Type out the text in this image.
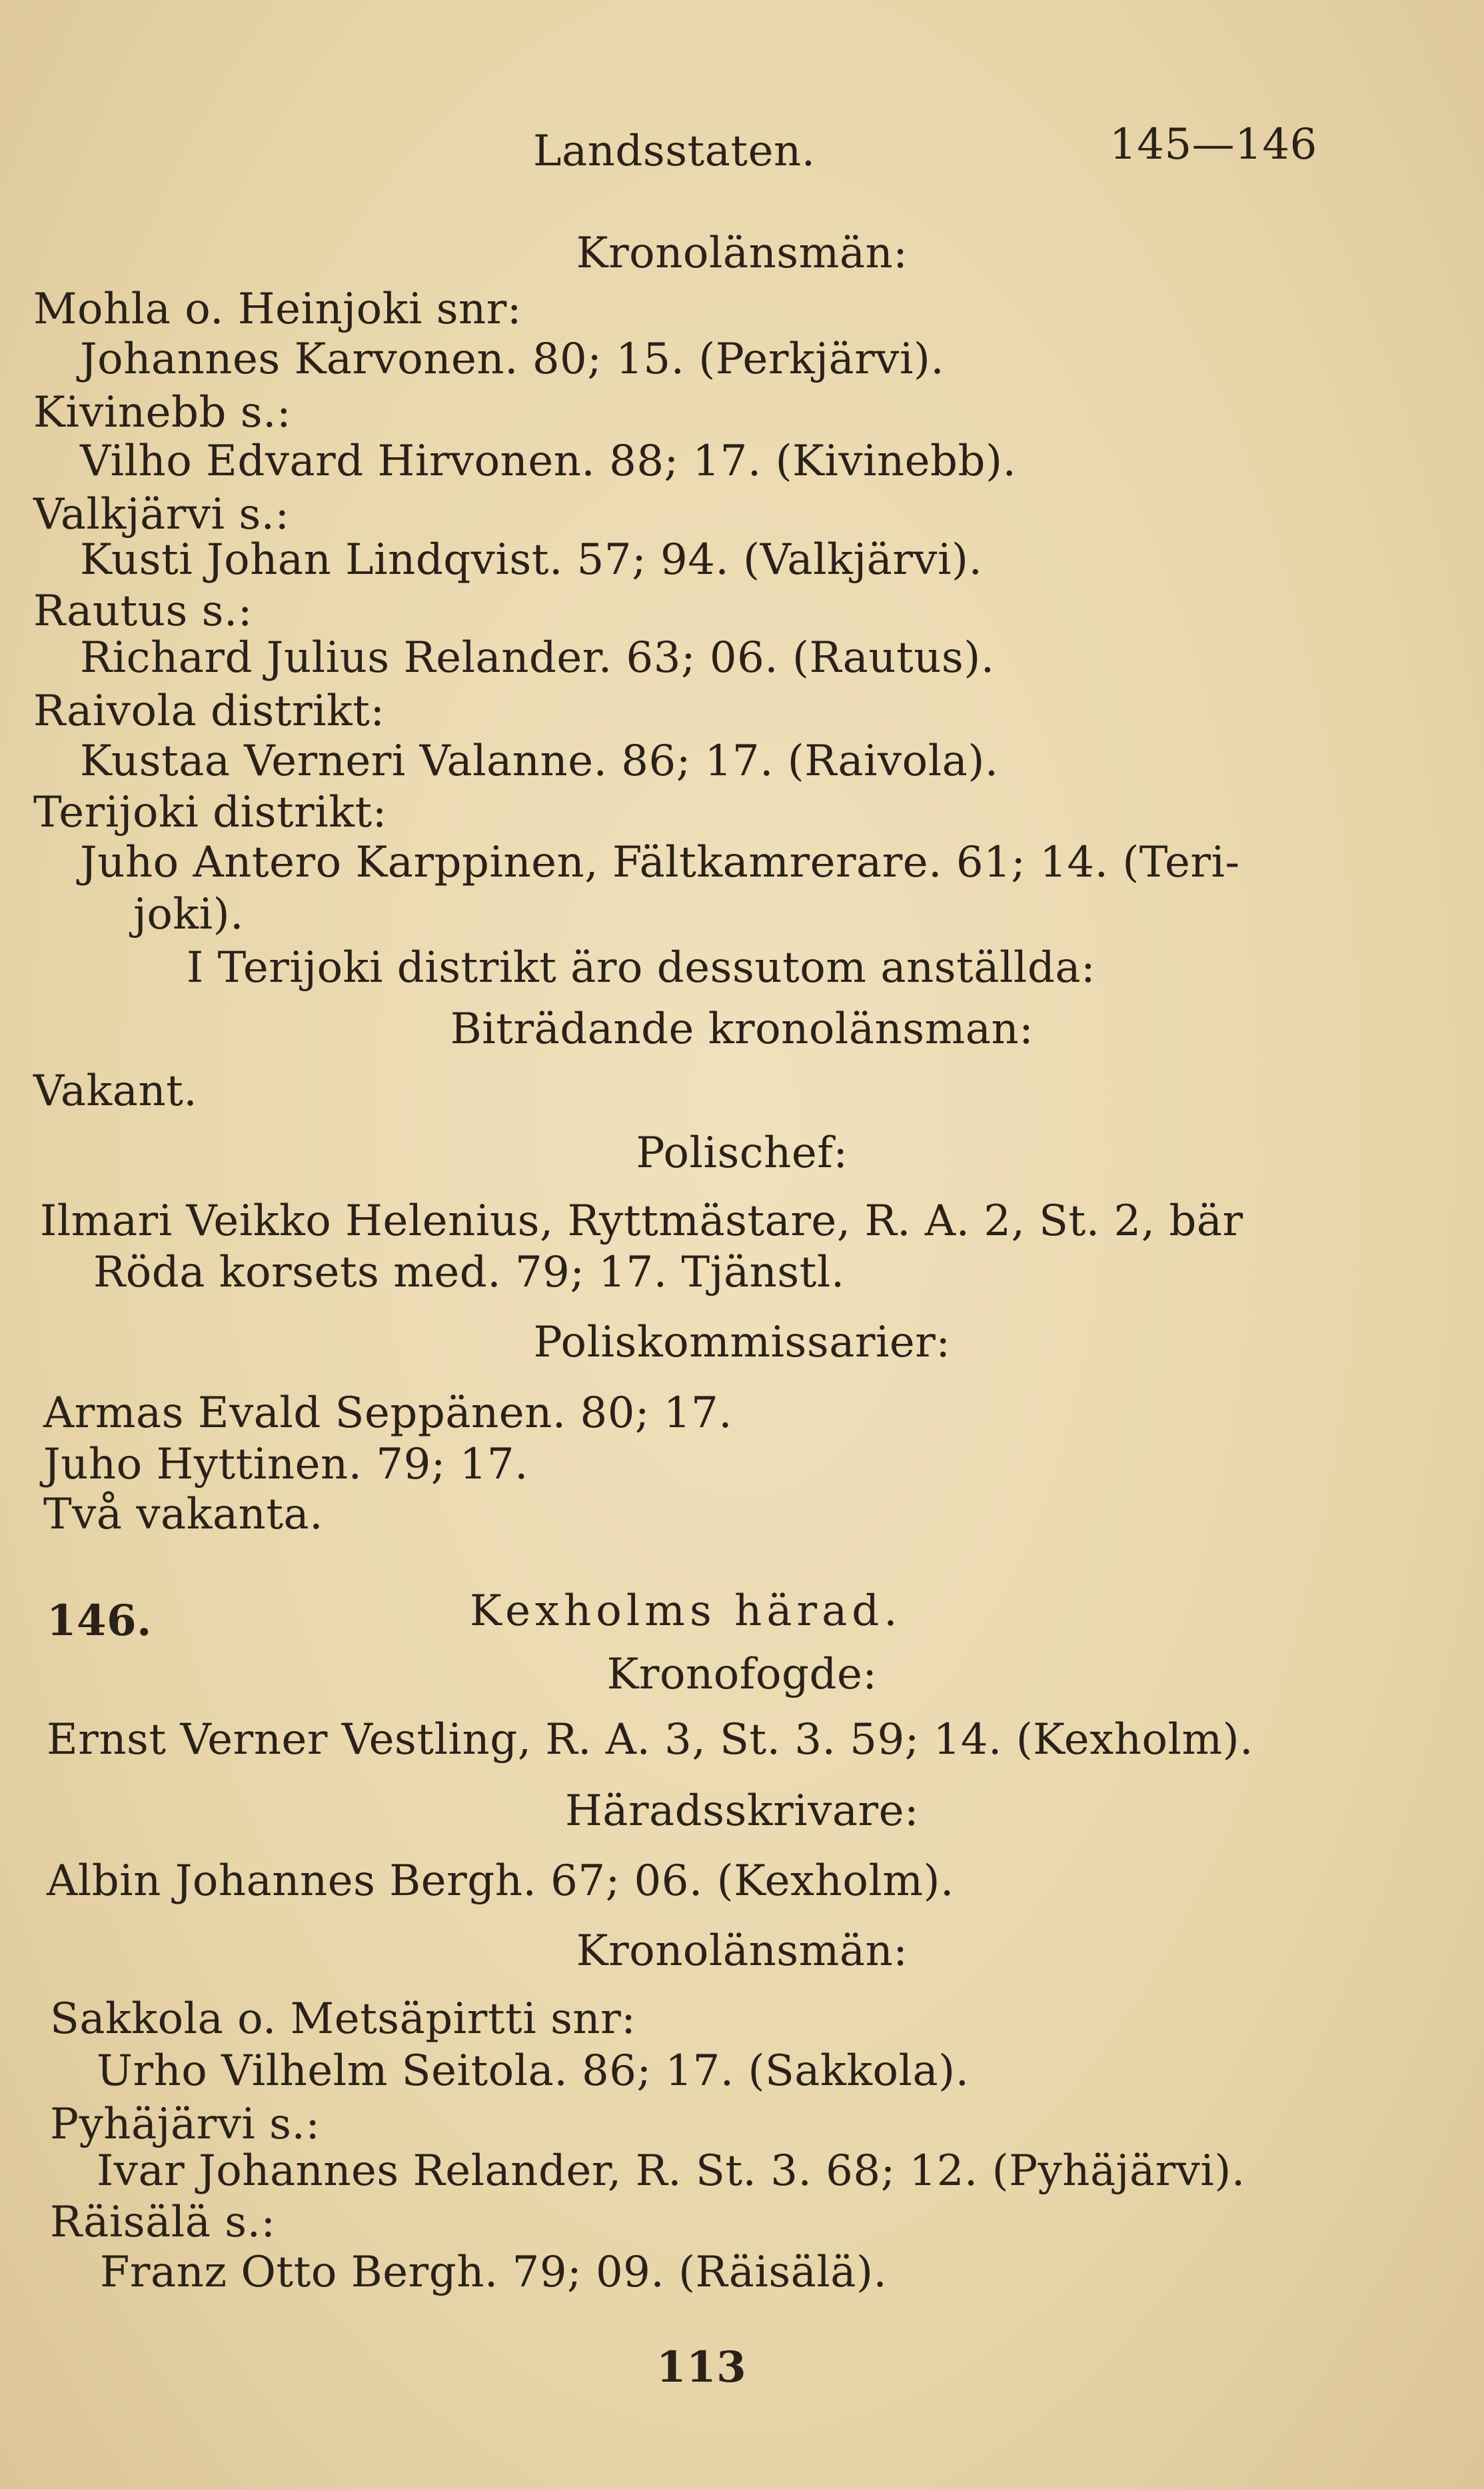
Landsstaten.	145—146
Kronolänsmän:
Mohla o. Heinjoki snr:
Johannes Karvonen. 80; 15. (Perkjärvi).
Kivinebb s.:
Vilho Edvard Hirvonen. 88; 17. (Kivinebb).
Valkjärvi s.:
Kusti Johan Lindqvist. 57; 94. (Valkjärvi).
Rautus s.:
Richard Julius Relander. 63; 06. (Rautus).
Raivola distrikt:
Kustaa Verneri Valanne. 86; 17. (Raivola).
Terijoki distrikt:
Juho Antero Karppinen, Fältkamrerare. 61; 14. (Teri-
joki).
I Terijoki distrikt äro dessutom anställda:
Biträdande kronolänsman:
Vakant.
Polischef:
Ilmari Veikko Helenius, Ryttmästare, R. A. 2, St. 2, bär
Röda korsets med. 79; 17. Tjänstl.
Poliskommissarier:
Armas Evald Seppänen. 80; 17.
Juho Hyttinen. 79; 17.
Två vakanta.
146.	Kexholms härad.
Kronofogde:
Ernst Verner Vestling, R. A. 3, St. 3. 59; 14. (Kexholm).
Häradsskrivare:
Albin Johannes Bergh. 67; 06. (Kexholm).
Kronolänsmän:
Sakkola o. Metsäpirtti snr:
Urho Vilhelm Seitola. 86; 17. (Sakkola).
Pyhäjärvi s.:
Ivar Johannes Relander, R. St. 3. 68; 12. (Pyhäjärvi).
Räisälä s.:
Franz Otto Bergh. 79; 09. (Räisälä).
113
